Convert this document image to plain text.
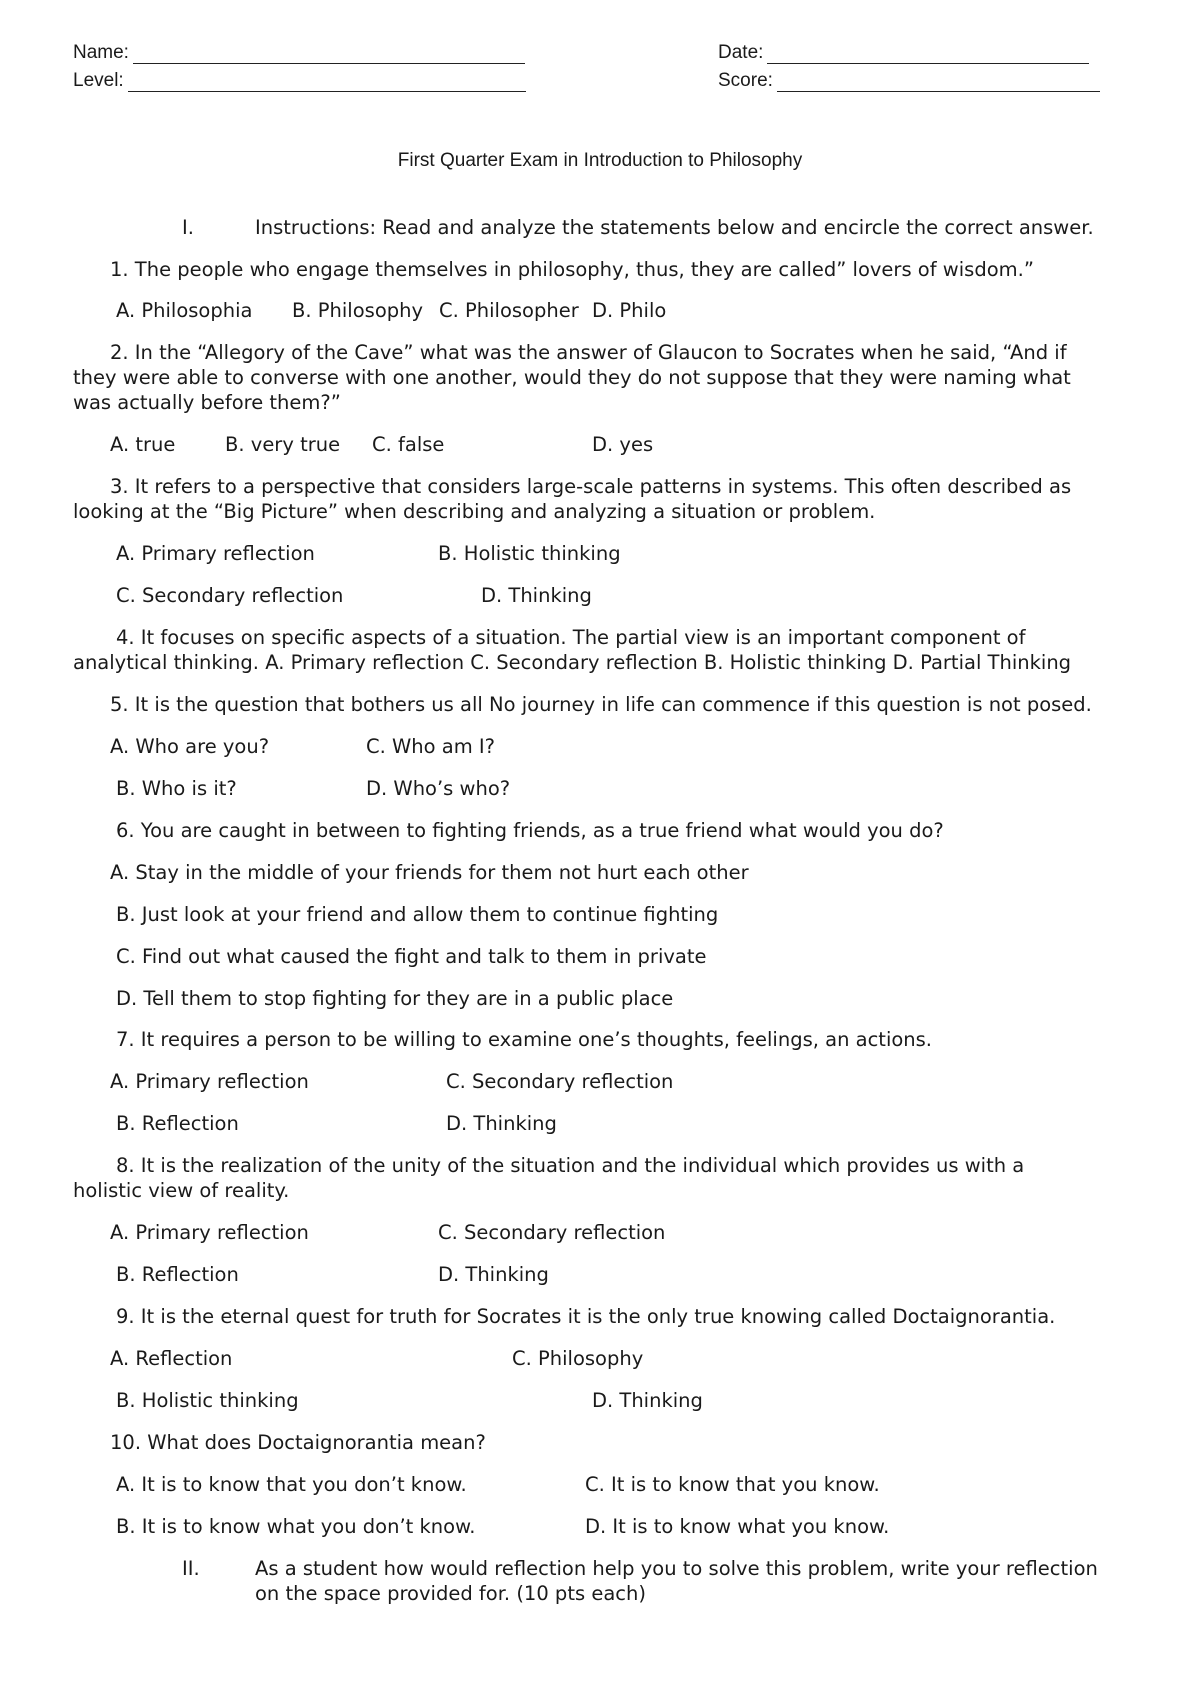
Name:
Level:
Date:
Score:
First Quarter Exam in Introduction to Philosophy
I.	Instructions: Read and analyze the statements below and encircle the correct answer.
1. The people who engage themselves in philosophy, thus, they are called” lovers of wisdom.”
A. Philosophia B. Philosophy C. Philosopher D. Philo
2. In the “Allegory of the Cave” what was the answer of Glaucon to Socrates when he said, “And if
they were able to converse with one another, would they do not suppose that they were naming what
was actually before them?”
A. true	B. very true C. false	D. yes
3. It refers to a perspective that considers large-scale patterns in systems. This often described as
looking at the “Big Picture” when describing and analyzing a situation or problem.
A. Primary reflection	B. Holistic thinking
C. Secondary reflection	D. Thinking
4. It focuses on specific aspects of a situation. The partial view is an important component of
analytical thinking. A. Primary reflection C. Secondary reflection B. Holistic thinking D. Partial Thinking
5. It is the question that bothers us all No journey in life can commence if this question is not posed.
A. Who are you?	C. Who am I?
B. Who is it?	D. Who’s who?
6. You are caught in between to fighting friends, as a true friend what would you do?
A. Stay in the middle of your friends for them not hurt each other
B. Just look at your friend and allow them to continue fighting
C. Find out what caused the fight and talk to them in private
D. Tell them to stop fighting for they are in a public place
7. It requires a person to be willing to examine one’s thoughts, feelings, an actions.
A. Primary reflection	C. Secondary reflection
B. Reflection	D. Thinking
8. It is the realization of the unity of the situation and the individual which provides us with a
holistic view of reality.
A. Primary reflection	C. Secondary reflection
B. Reflection	D. Thinking
9. It is the eternal quest for truth for Socrates it is the only true knowing called Doctaignorantia.
A. Reflection	C. Philosophy
B. Holistic thinking	D. Thinking
10. What does Doctaignorantia mean?
A. It is to know that you don’t know.	C. It is to know that you know.
B. It is to know what you don’t know.	D. It is to know what you know.
II.	As a student how would reflection help you to solve this problem, write your reflection
on the space provided for. (10 pts each)
